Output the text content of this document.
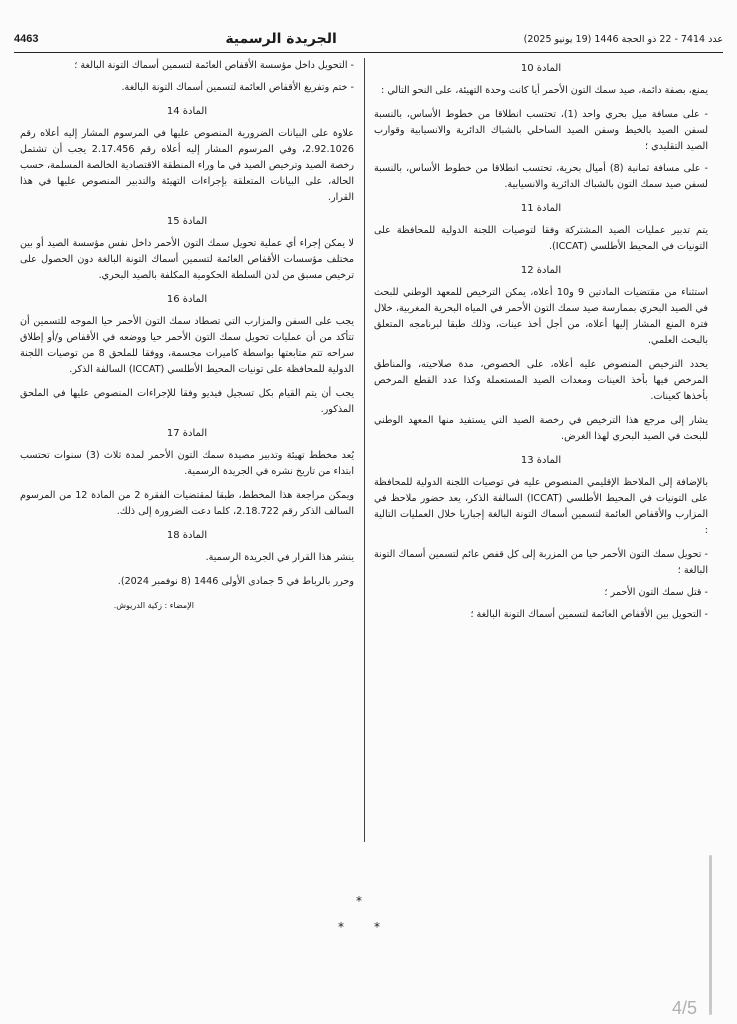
4463	الجريدة الرسمية	عدد 7414 - 22 ذو الحجة 1446 (19 يونيو 2025)
المادة 10
يمنع، بصفة دائمة، صيد سمك التون الأحمر أيا كانت وحدة التهيئة، على النحو التالي :
- على مسافة ميل بحري واحد (1)، تحتسب انطلاقا من خطوط الأساس، بالنسبة لسفن الصيد بالخيط وسفن الصيد الساحلي بالشباك الدائرية والانسيابية وقوارب الصيد التقليدي ؛
- على مسافة ثمانية (8) أميال بحرية، تحتسب انطلاقا من خطوط الأساس، بالنسبة لسفن صيد سمك التون بالشباك الدائرية والانسيابية.
المادة 11
يتم تدبير عمليات الصيد المشتركة وفقا لتوصيات اللجنة الدولية للمحافظة على التونيات في المحيط الأطلسي (ICCAT).
المادة 12
استثناء من مقتضيات المادتين 9 و10 أعلاه، يمكن الترخيص للمعهد الوطني للبحث في الصيد البحري بممارسة صيد سمك التون الأحمر في المياه البحرية المغربية، خلال فترة المنع المشار إليها أعلاه، من أجل أخذ عينات، وذلك طبقا لبرنامجه المتعلق بالبحث العلمي.
يحدد الترخيص المنصوص عليه أعلاه، على الخصوص، مدة صلاحيته، والمناطق المرخص فيها بأخذ العينات ومعدات الصيد المستعملة وكذا عدد القطع المرخص بأخذها كعينات.
يشار إلى مرجع هذا الترخيص في رخصة الصيد التي يستفيد منها المعهد الوطني للبحث في الصيد البحري لهذا الغرض.
المادة 13
بالإضافة إلى الملاحظ الإقليمي المنصوص عليه في توصيات اللجنة الدولية للمحافظة على التونيات في المحيط الأطلسي (ICCAT) السالفة الذكر، يعد حضور ملاحظ في المزارب والأقفاص العائمة لتسمين أسماك التونة البالغة إجباريا خلال العمليات التالية :
- تحويل سمك التون الأحمر حيا من المزربة إلى كل قفص عائم لتسمين أسماك التونة البالغة ؛
- قتل سمك التون الأحمر ؛
- التحويل بين الأقفاص العائمة لتسمين أسماك التونة البالغة ؛
- التحويل داخل مؤسسة الأقفاص العائمة لتسمين أسماك التونة البالغة ؛
- ختم وتفريغ الأقفاص العائمة لتسمين أسماك التونة البالغة.
المادة 14
علاوة على البيانات الضرورية المنصوص عليها في المرسوم المشار إليه أعلاه رقم 2.92.1026، وفي المرسوم المشار إليه أعلاه رقم 2.17.456 يجب أن تشتمل رخصة الصيد وترخيص الصيد في ما وراء المنطقة الاقتصادية الخالصة المسلمة، حسب الحالة، على البيانات المتعلقة بإجراءات التهيئة والتدبير المنصوص عليها في هذا القرار.
المادة 15
لا يمكن إجراء أي عملية تحويل سمك التون الأحمر داخل نفس مؤسسة الصيد أو بين مختلف مؤسسات الأقفاص العائمة لتسمين أسماك التونة البالغة دون الحصول على ترخيص مسبق من لدن السلطة الحكومية المكلفة بالصيد البحري.
المادة 16
يجب على السفن والمزارب التي تصطاد سمك التون الأحمر حيا الموجه للتسمين أن تتأكد من أن عمليات تحويل سمك التون الأحمر حيا ووضعه في الأقفاص و/أو إطلاق سراحه تتم متابعتها بواسطة كاميرات مجسمة، ووفقا للملحق 8 من توصيات اللجنة الدولية للمحافظة على تونيات المحيط الأطلسي (ICCAT) السالفة الذكر.
يجب أن يتم القيام بكل تسجيل فيديو وفقا للإجراءات المنصوص عليها في الملحق المذكور.
المادة 17
يُعد مخطط تهيئة وتدبير مصيدة سمك التون الأحمر لمدة ثلاث (3) سنوات تحتسب ابتداء من تاريخ نشره في الجريدة الرسمية.
ويمكن مراجعة هذا المخطط، طبقا لمقتضيات الفقرة 2 من المادة 12 من المرسوم السالف الذكر رقم 2.18.722، كلما دعت الضرورة إلى ذلك.
المادة 18
ينشر هذا القرار في الجريدة الرسمية.
وحرر بالرباط في 5 جمادى الأولى 1446 (8 نوفمبر 2024).
الإمضاء : زكية الدريوش.
*
*	*
4/5
